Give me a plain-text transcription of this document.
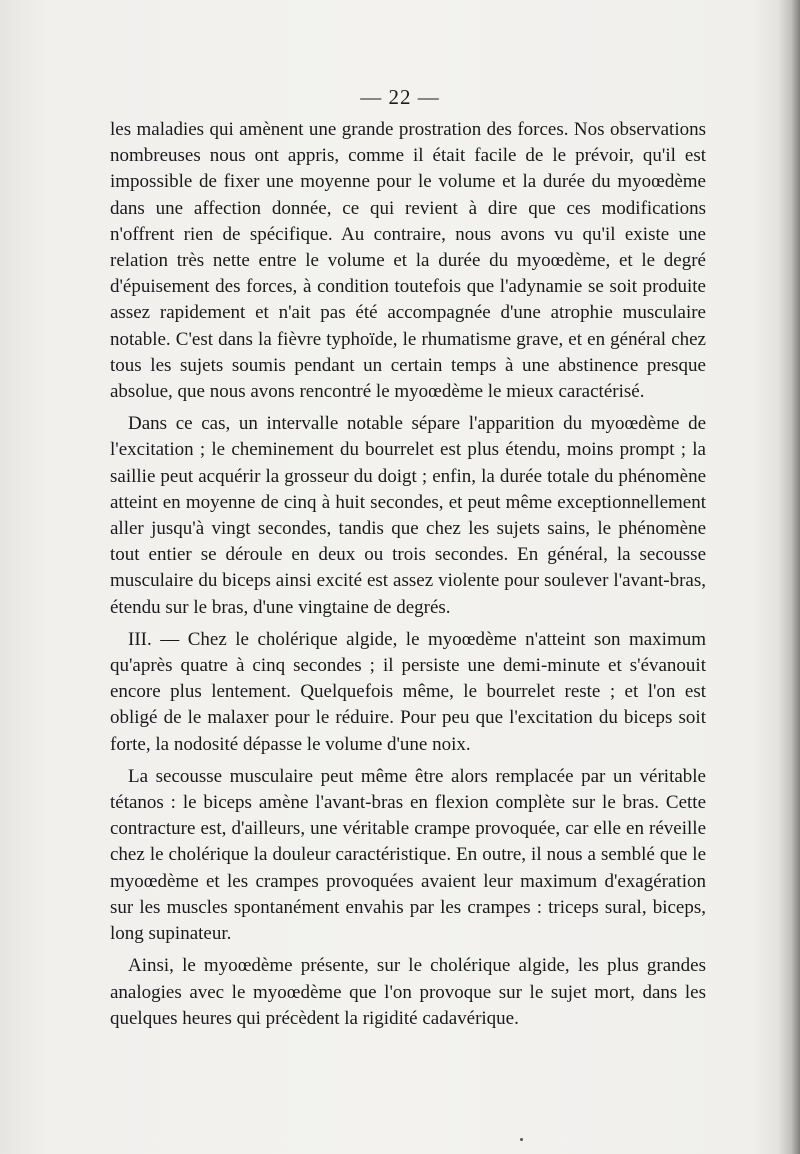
— 22 —

les maladies qui amènent une grande prostration des forces. Nos observations nombreuses nous ont appris, comme il était facile de le prévoir, qu'il est impossible de fixer une moyenne pour le volume et la durée du myoœdème dans une affection donnée, ce qui revient à dire que ces modifications n'offrent rien de spécifique. Au contraire, nous avons vu qu'il existe une relation très nette entre le volume et la durée du myoœdème, et le degré d'épuisement des forces, à condition toutefois que l'adynamie se soit produite assez rapidement et n'ait pas été accompagnée d'une atrophie musculaire notable. C'est dans la fièvre typhoïde, le rhumatisme grave, et en général chez tous les sujets soumis pendant un certain temps à une abstinence presque absolue, que nous avons rencontré le myoœdème le mieux caractérisé.

Dans ce cas, un intervalle notable sépare l'apparition du myoœdème de l'excitation ; le cheminement du bourrelet est plus étendu, moins prompt ; la saillie peut acquérir la grosseur du doigt ; enfin, la durée totale du phénomène atteint en moyenne de cinq à huit secondes, et peut même exceptionnellement aller jusqu'à vingt secondes, tandis que chez les sujets sains, le phénomène tout entier se déroule en deux ou trois secondes. En général, la secousse musculaire du biceps ainsi excité est assez violente pour soulever l'avant-bras, étendu sur le bras, d'une vingtaine de degrés.

III. — Chez le cholérique algide, le myoœdème n'atteint son maximum qu'après quatre à cinq secondes ; il persiste une demi-minute et s'évanouit encore plus lentement. Quelquefois même, le bourrelet reste ; et l'on est obligé de le malaxer pour le réduire. Pour peu que l'excitation du biceps soit forte, la nodosité dépasse le volume d'une noix.

La secousse musculaire peut même être alors remplacée par un véritable tétanos : le biceps amène l'avant-bras en flexion complète sur le bras. Cette contracture est, d'ailleurs, une véritable crampe provoquée, car elle en réveille chez le cholérique la douleur caractéristique. En outre, il nous a semblé que le myoœdème et les crampes provoquées avaient leur maximum d'exagération sur les muscles spontanément envahis par les crampes : triceps sural, biceps, long supinateur.

Ainsi, le myoœdème présente, sur le cholérique algide, les plus grandes analogies avec le myoœdème que l'on provoque sur le sujet mort, dans les quelques heures qui précèdent la rigidité cadavérique.
